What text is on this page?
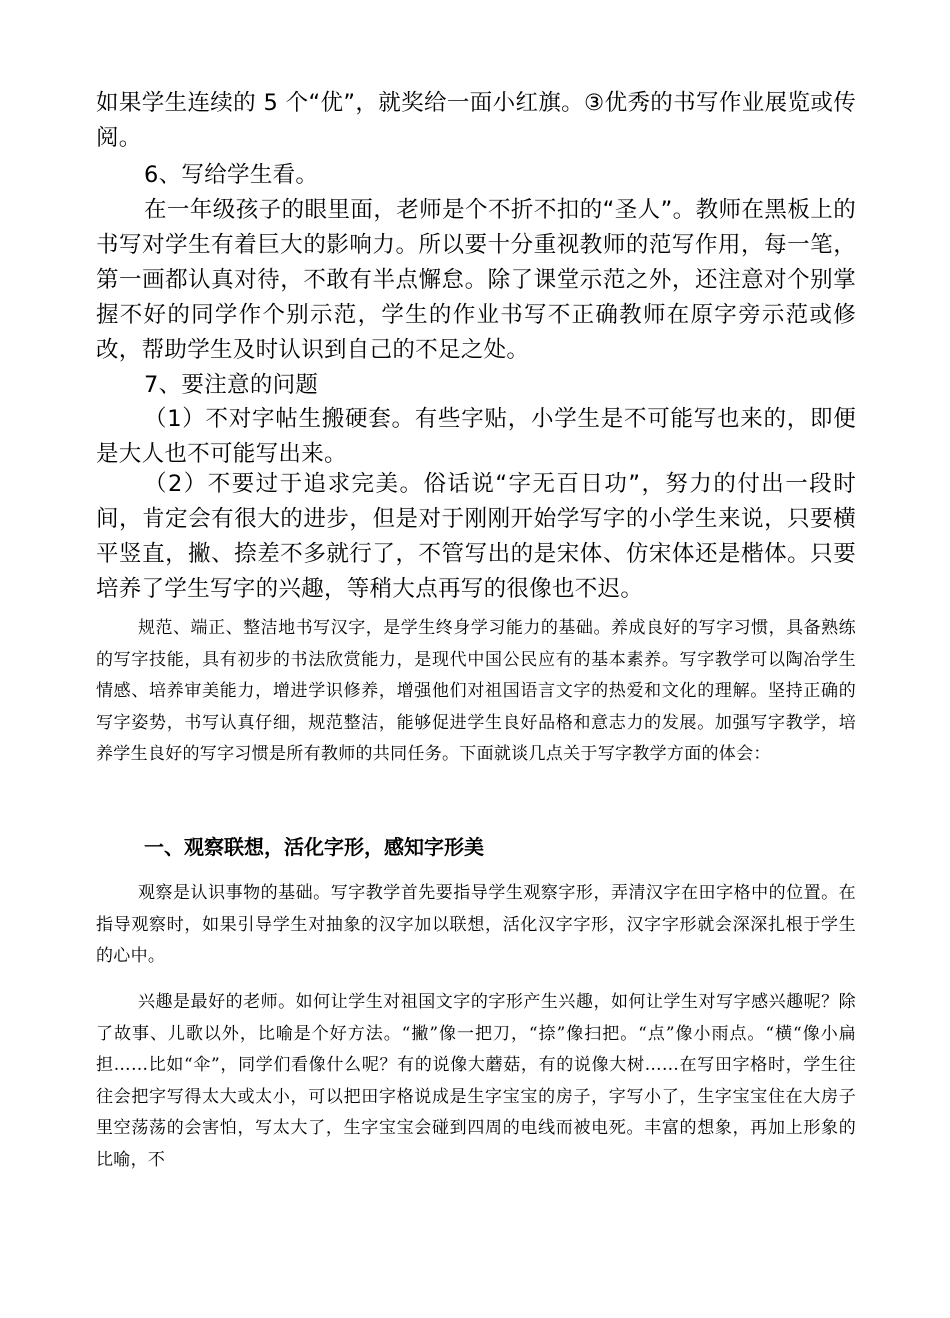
如果学生连续的 5 个“优”，就奖给一面小红旗。③优秀的书写作业展览或传阅。

6、写给学生看。

在一年级孩子的眼里面，老师是个不折不扣的“圣人”。教师在黑板上的书写对学生有着巨大的影响力。所以要十分重视教师的范写作用，每一笔，第一画都认真对待，不敢有半点懈怠。除了课堂示范之外，还注意对个别掌握不好的同学作个别示范，学生的作业书写不正确教师在原字旁示范或修改，帮助学生及时认识到自己的不足之处。

7、要注意的问题

（1）不对字帖生搬硬套。有些字贴，小学生是不可能写也来的，即便是大人也不可能写出来。

（2）不要过于追求完美。俗话说“字无百日功”，努力的付出一段时间，肯定会有很大的进步，但是对于刚刚开始学写字的小学生来说，只要横平竖直，撇、捺差不多就行了，不管写出的是宋体、仿宋体还是楷体。只要培养了学生写字的兴趣，等稍大点再写的很像也不迟。

规范、端正、整洁地书写汉字，是学生终身学习能力的基础。养成良好的写字习惯，具备熟练的写字技能，具有初步的书法欣赏能力，是现代中国公民应有的基本素养。写字教学可以陶冶学生情感、培养审美能力，增进学识修养，增强他们对祖国语言文字的热爱和文化的理解。坚持正确的写字姿势，书写认真仔细，规范整洁，能够促进学生良好品格和意志力的发展。加强写字教学，培养学生良好的写字习惯是所有教师的共同任务。下面就谈几点关于写字教学方面的体会：

一、观察联想，活化字形，感知字形美

观察是认识事物的基础。写字教学首先要指导学生观察字形，弄清汉字在田字格中的位置。在指导观察时，如果引导学生对抽象的汉字加以联想，活化汉字字形，汉字字形就会深深扎根于学生的心中。

兴趣是最好的老师。如何让学生对祖国文字的字形产生兴趣，如何让学生对写字感兴趣呢？除了故事、儿歌以外，比喻是个好方法。“撇”像一把刀，“捺”像扫把。“点”像小雨点。“横“像小扁担……比如“伞”，同学们看像什么呢？有的说像大蘑菇，有的说像大树……在写田字格时，学生往往会把字写得太大或太小，可以把田字格说成是生字宝宝的房子，字写小了，生字宝宝住在大房子里空荡荡的会害怕，写太大了，生字宝宝会碰到四周的电线而被电死。丰富的想象，再加上形象的比喻，不
